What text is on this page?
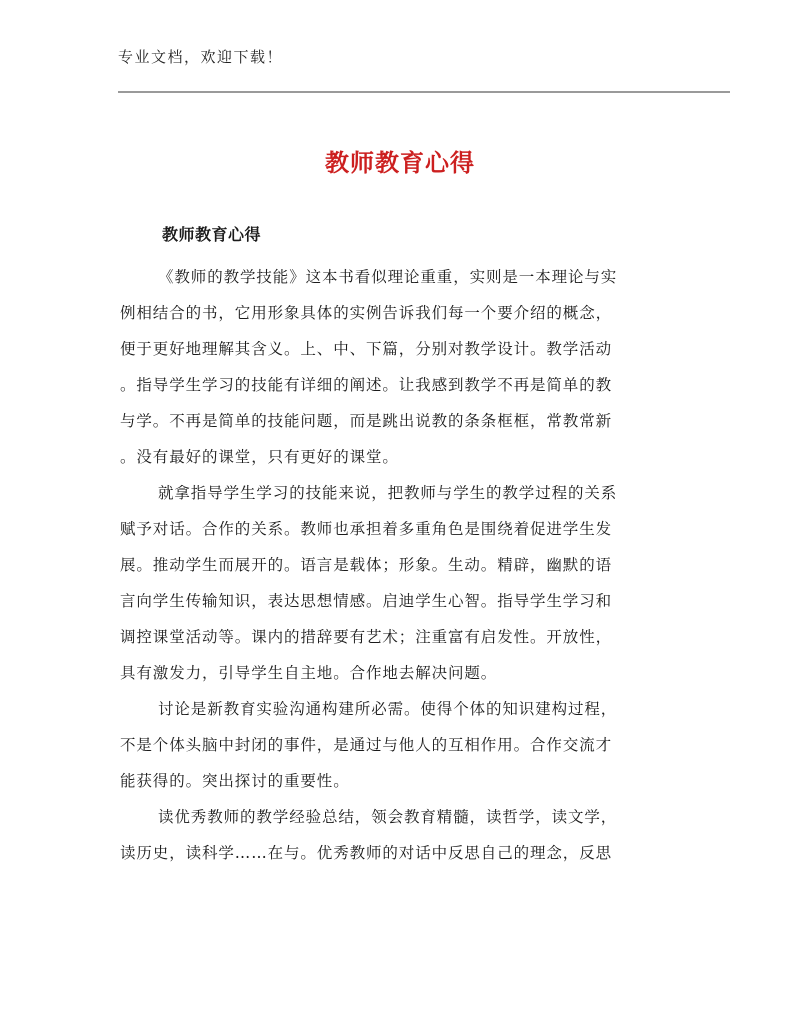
专业文档，欢迎下载！
教师教育心得
教师教育心得
《教师的教学技能》这本书看似理论重重，实则是一本理论与实
例相结合的书，它用形象具体的实例告诉我们每一个要介绍的概念，
便于更好地理解其含义。上、中、下篇，分别对教学设计。教学活动
。指导学生学习的技能有详细的阐述。让我感到教学不再是简单的教
与学。不再是简单的技能问题，而是跳出说教的条条框框，常教常新
。没有最好的课堂，只有更好的课堂。
就拿指导学生学习的技能来说，把教师与学生的教学过程的关系
赋予对话。合作的关系。教师也承担着多重角色是围绕着促进学生发
展。推动学生而展开的。语言是载体；形象。生动。精辟，幽默的语
言向学生传输知识，表达思想情感。启迪学生心智。指导学生学习和
调控课堂活动等。课内的措辞要有艺术；注重富有启发性。开放性，
具有激发力，引导学生自主地。合作地去解决问题。
讨论是新教育实验沟通构建所必需。使得个体的知识建构过程，
不是个体头脑中封闭的事件，是通过与他人的互相作用。合作交流才
能获得的。突出探讨的重要性。
读优秀教师的教学经验总结，领会教育精髓，读哲学，读文学，
读历史，读科学……在与。优秀教师的对话中反思自己的理念，反思
